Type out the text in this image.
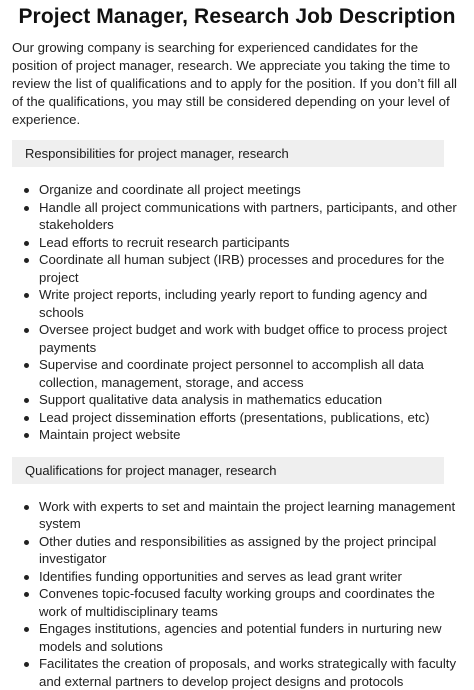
Project Manager, Research Job Description

Our growing company is searching for experienced candidates for the position of project manager, research. We appreciate you taking the time to review the list of qualifications and to apply for the position. If you don’t fill all of the qualifications, you may still be considered depending on your level of experience.

Responsibilities for project manager, research
Organize and coordinate all project meetings
Handle all project communications with partners, participants, and other stakeholders
Lead efforts to recruit research participants
Coordinate all human subject (IRB) processes and procedures for the project
Write project reports, including yearly report to funding agency and schools
Oversee project budget and work with budget office to process project payments
Supervise and coordinate project personnel to accomplish all data collection, management, storage, and access
Support qualitative data analysis in mathematics education
Lead project dissemination efforts (presentations, publications, etc)
Maintain project website
Qualifications for project manager, research
Work with experts to set and maintain the project learning management system
Other duties and responsibilities as assigned by the project principal investigator
Identifies funding opportunities and serves as lead grant writer
Convenes topic-focused faculty working groups and coordinates the work of multidisciplinary teams
Engages institutions, agencies and potential funders in nurturing new models and solutions
Facilitates the creation of proposals, and works strategically with faculty and external partners to develop project designs and protocols
